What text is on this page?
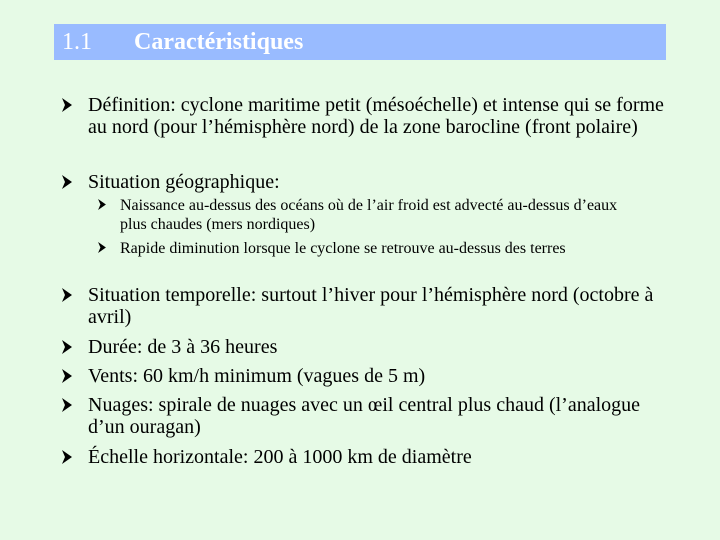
1.1 Caractéristiques
Définition: cyclone maritime petit (mésoéchelle) et intense qui se forme au nord (pour l’hémisphère nord) de la zone barocline (front polaire)
Situation géographique:
Naissance au-dessus des océans où de l’air froid est advecté au-dessus d’eaux plus chaudes (mers nordiques)
Rapide diminution lorsque le cyclone se retrouve au-dessus des terres
Situation temporelle: surtout l’hiver pour l’hémisphère nord (octobre à avril)
Durée: de 3 à 36 heures
Vents: 60 km/h minimum (vagues de 5 m)
Nuages: spirale de nuages avec un œil central plus chaud (l’analogue d’un ouragan)
Échelle horizontale: 200 à 1000 km de diamètre
